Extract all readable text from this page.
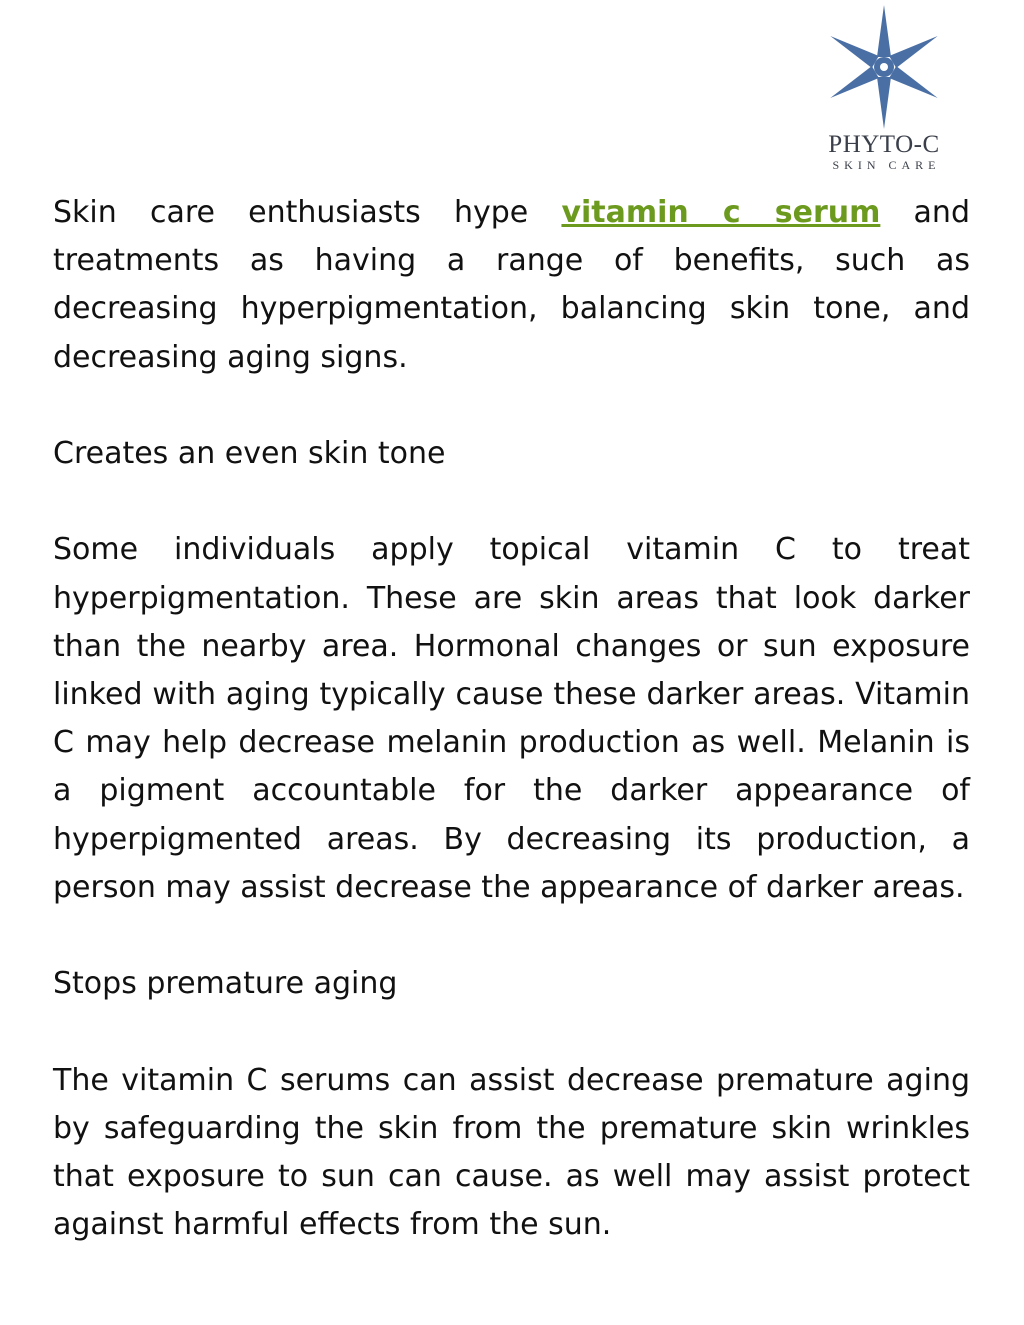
PHYTO-C
SKIN CARE

Skin care enthusiasts hype vitamin c serum and treatments as having a range of benefits, such as decreasing hyperpigmentation, balancing skin tone, and decreasing aging signs.

Creates an even skin tone

Some individuals apply topical vitamin C to treat hyperpigmentation. These are skin areas that look darker than the nearby area. Hormonal changes or sun exposure linked with aging typically cause these darker areas. Vitamin C may help decrease melanin production as well. Melanin is a pigment accountable for the darker appearance of hyperpigmented areas. By decreasing its production, a person may assist decrease the appearance of darker areas.

Stops premature aging

The vitamin C serums can assist decrease premature aging by safeguarding the skin from the premature skin wrinkles that exposure to sun can cause. as well may assist protect against harmful effects from the sun.
